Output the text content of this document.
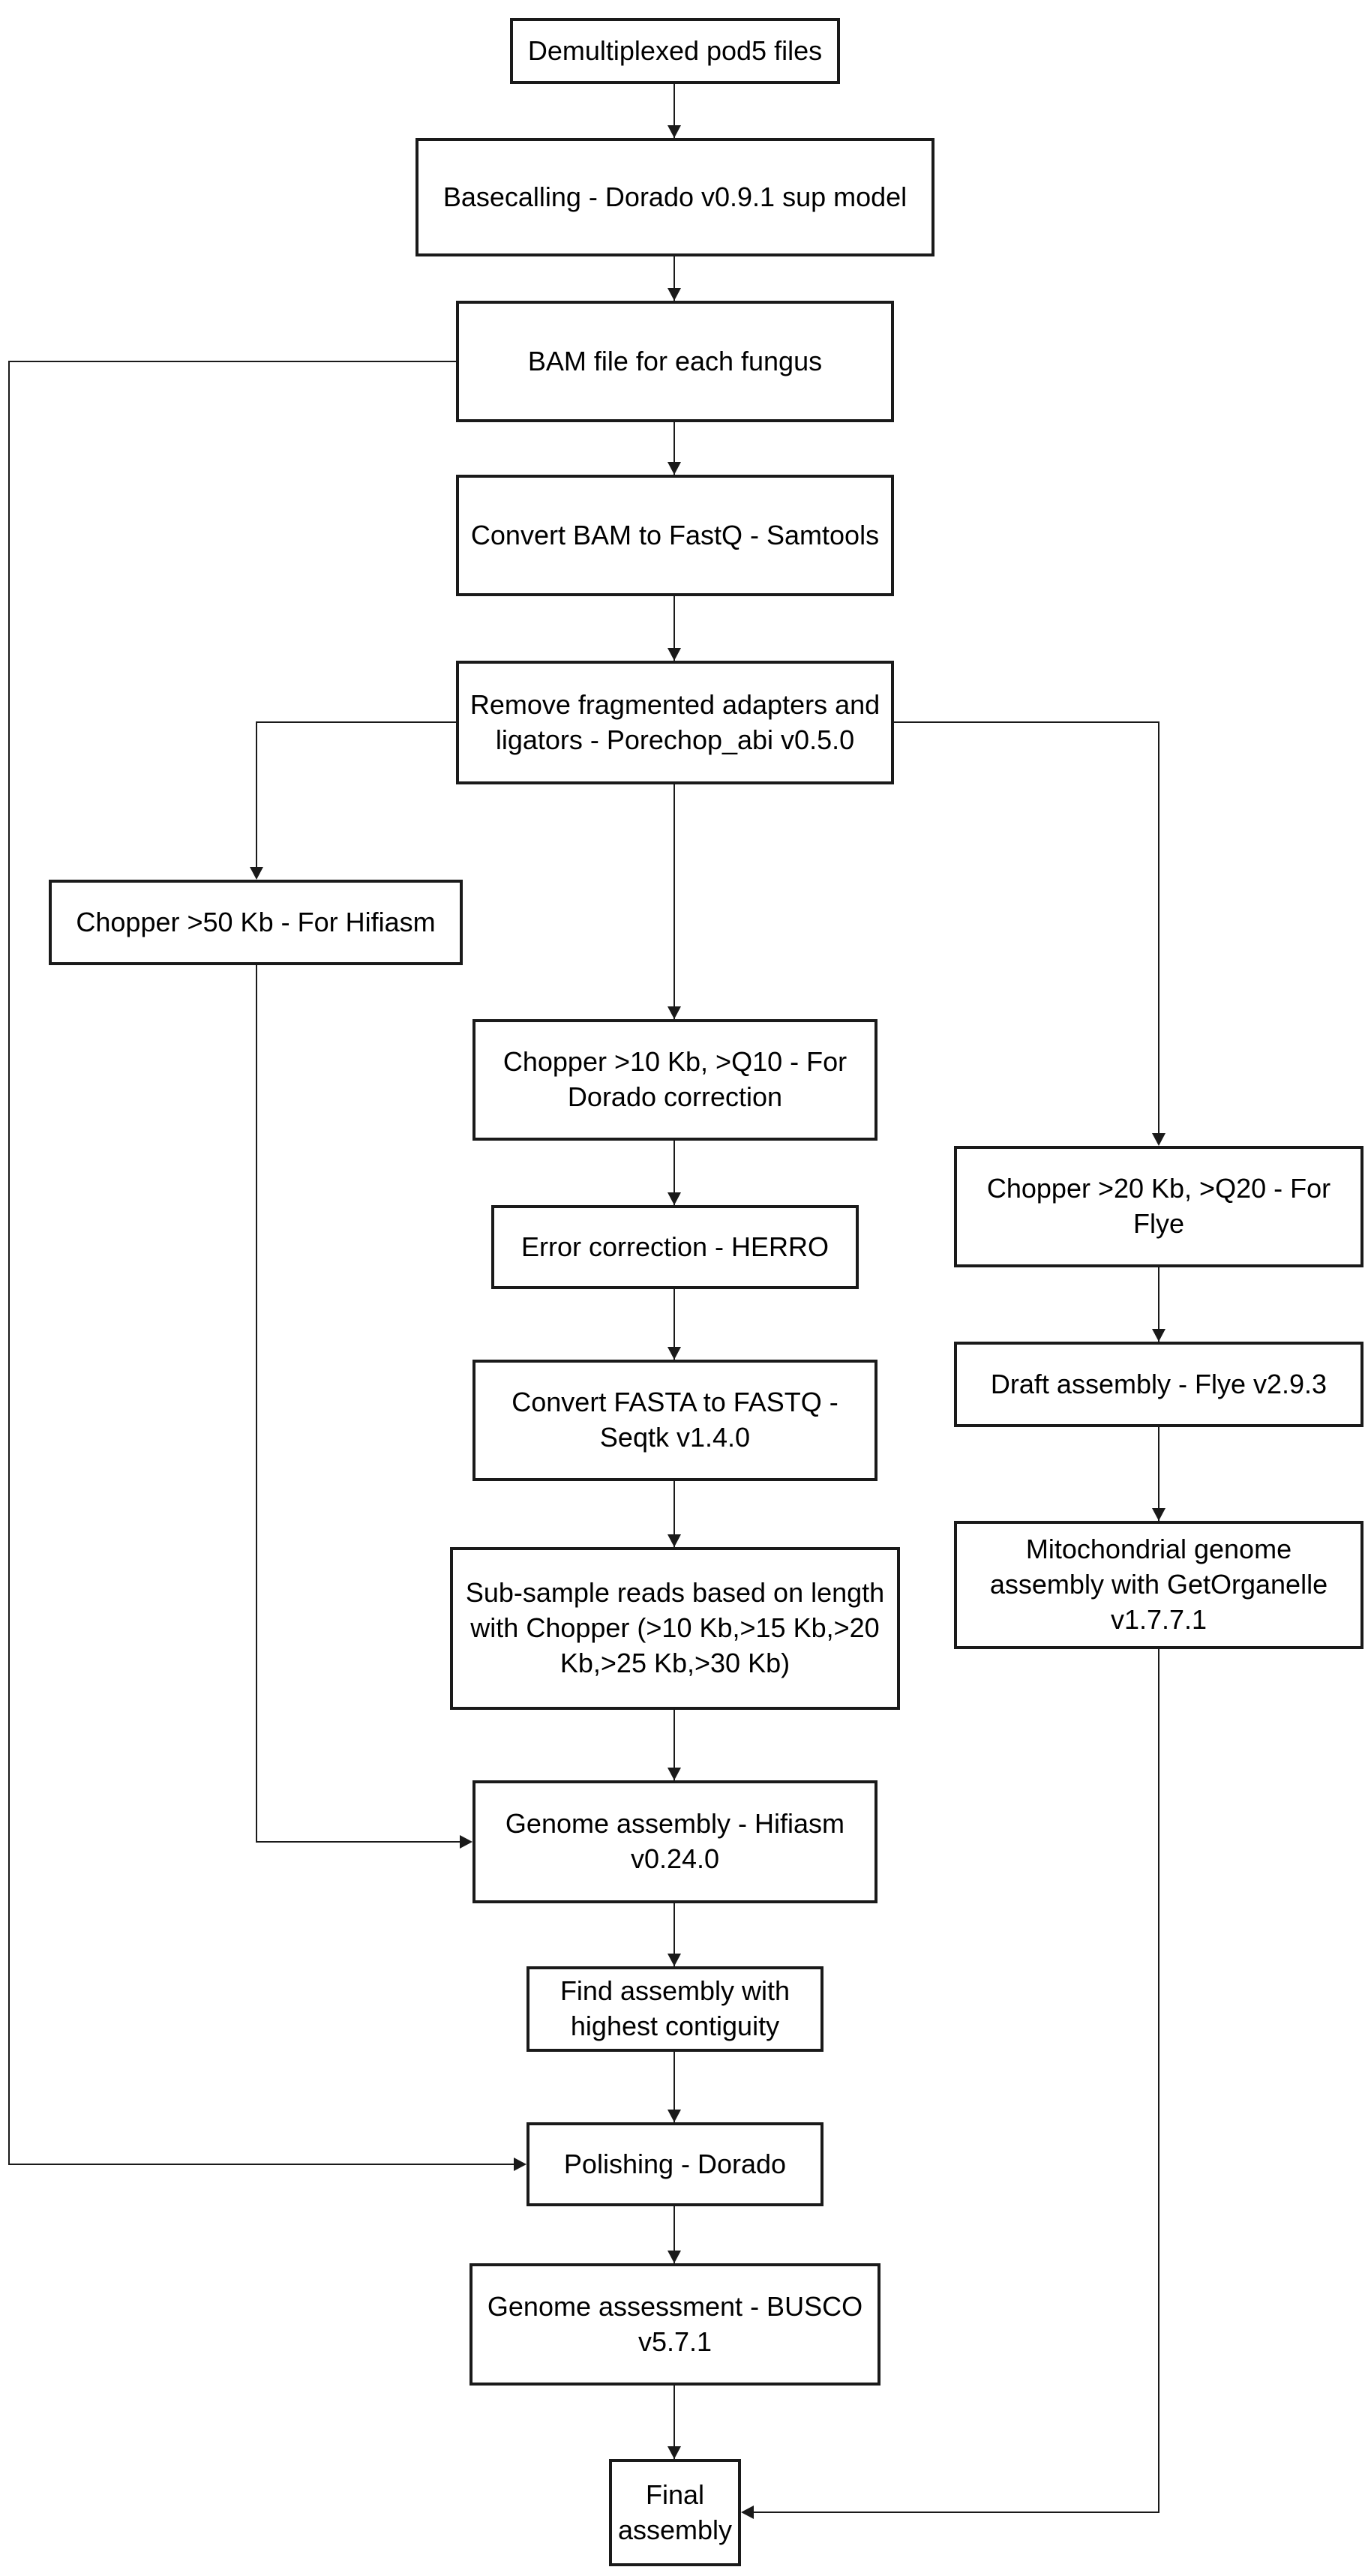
Demultiplexed pod5 files
Basecalling - Dorado v0.9.1 sup model
BAM file for each fungus
Convert BAM to FastQ - Samtools
Remove fragmented adapters and ligators - Porechop_abi v0.5.0
Chopper >50 Kb - For Hifiasm
Chopper >10 Kb, >Q10 - For Dorado correction
Error correction - HERRO
Convert FASTA to FASTQ - Seqtk v1.4.0
Sub-sample reads based on length with Chopper (>10 Kb,>15 Kb,>20 Kb,>25 Kb,>30 Kb)
Genome assembly - Hifiasm v0.24.0
Find assembly with highest contiguity
Polishing - Dorado
Genome assessment - BUSCO v5.7.1
Final assembly
Chopper >20 Kb, >Q20 - For Flye
Draft assembly - Flye v2.9.3
Mitochondrial genome assembly with GetOrganelle v1.7.7.1
